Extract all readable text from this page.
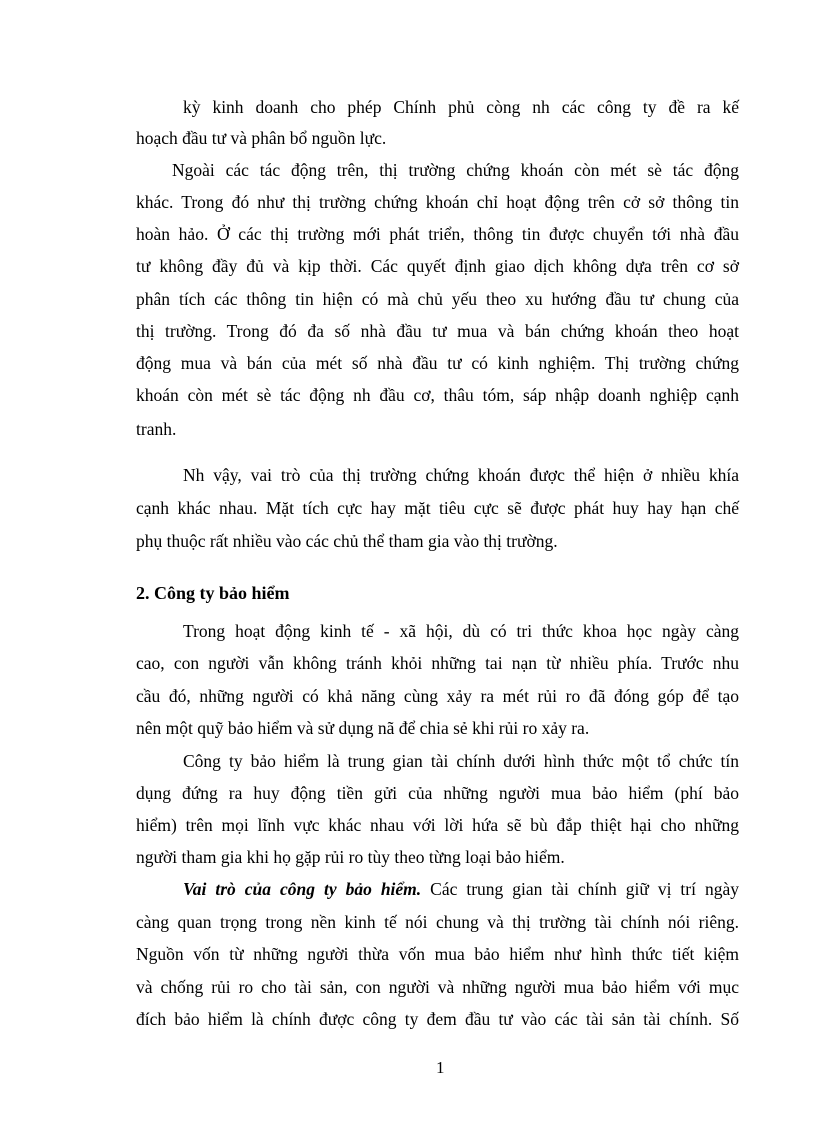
kỳ kinh doanh cho phép Chính phủ còng nh các công ty đề ra kế
hoạch đầu tư và phân bổ nguồn lực.
Ngoài các tác động trên, thị trường chứng khoán còn mét sè tác động
khác. Trong đó như thị trường chứng khoán chỉ hoạt động trên cở sở thông tin
hoàn hảo. Ở các thị trường mới phát triển, thông tin được chuyển tới nhà đầu
tư không đầy đủ và kịp thời. Các quyết định giao dịch không dựa trên cơ sở
phân tích các thông tin hiện có mà chủ yếu theo xu hướng đầu tư chung của
thị trường. Trong đó đa số nhà đầu tư mua và bán chứng khoán theo hoạt
động mua và bán của mét số nhà đầu tư có kinh nghiệm. Thị trường chứng
khoán còn mét sè tác động nh đầu cơ, thâu tóm, sáp nhập doanh nghiệp cạnh
tranh.
Nh vậy, vai trò của thị trường chứng khoán được thể hiện ở nhiều khía
cạnh khác nhau. Mặt tích cực hay mặt tiêu cực sẽ được phát huy hay hạn chế
phụ thuộc rất nhiều vào các chủ thể tham gia vào thị trường.
2. Công ty bảo hiểm
Trong hoạt động kinh tế - xã hội, dù có tri thức khoa học ngày càng
cao, con người vẫn không tránh khỏi những tai nạn từ nhiều phía. Trước nhu
cầu đó, những người có khả năng cùng xảy ra mét rủi ro đã đóng góp để tạo
nên một quỹ bảo hiểm và sử dụng nã để chia sẻ khi rủi ro xảy ra.
Công ty bảo hiểm là trung gian tài chính dưới hình thức một tổ chức tín
dụng đứng ra huy động tiền gửi của những người mua bảo hiểm (phí bảo
hiểm) trên mọi lĩnh vực khác nhau với lời hứa sẽ bù đắp thiệt hại cho những
người tham gia khi họ gặp rủi ro tùy theo từng loại bảo hiểm.
Vai trò của công ty bảo hiểm. Các trung gian tài chính giữ vị trí ngày
càng quan trọng trong nền kinh tế nói chung và thị trường tài chính nói riêng.
Nguồn vốn từ những người thừa vốn mua bảo hiểm như hình thức tiết kiệm
và chống rủi ro cho tài sản, con người và những người mua bảo hiểm với mục
đích bảo hiểm là chính được công ty đem đầu tư vào các tài sản tài chính. Số
1
